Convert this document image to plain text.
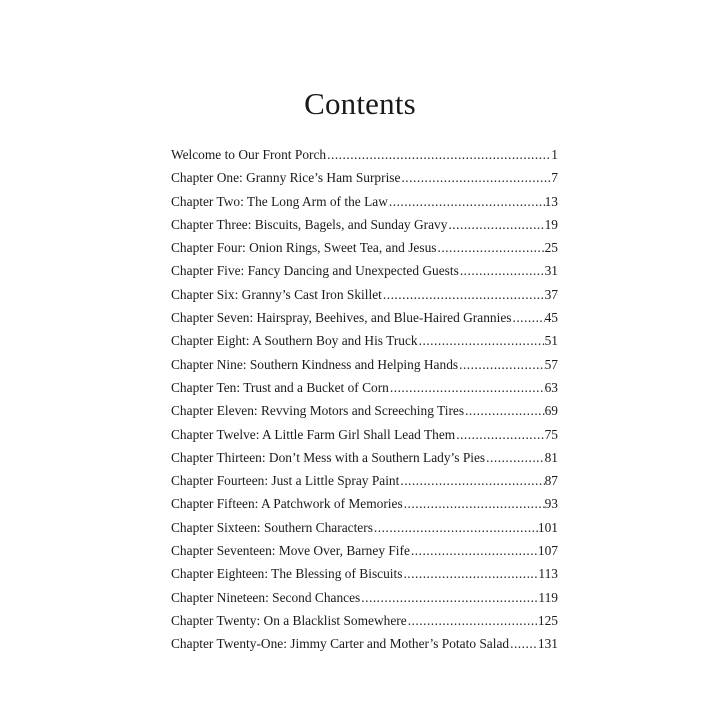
Contents
Welcome to Our Front Porch .....	1
Chapter One: Granny Rice’s Ham Surprise .....	7
Chapter Two: The Long Arm of the Law .....	13
Chapter Three: Biscuits, Bagels, and Sunday Gravy .....	19
Chapter Four: Onion Rings, Sweet Tea, and Jesus .....	25
Chapter Five: Fancy Dancing and Unexpected Guests .....	31
Chapter Six: Granny’s Cast Iron Skillet .....	37
Chapter Seven: Hairspray, Beehives, and Blue-Haired Grannies ..... 45
Chapter Eight: A Southern Boy and His Truck .....	51
Chapter Nine: Southern Kindness and Helping Hands .....	57
Chapter Ten: Trust and a Bucket of Corn .....	63
Chapter Eleven: Revving Motors and Screeching Tires .....	69
Chapter Twelve: A Little Farm Girl Shall Lead Them .....	75
Chapter Thirteen: Don’t Mess with a Southern Lady’s Pies .....	81
Chapter Fourteen: Just a Little Spray Paint .....	87
Chapter Fifteen: A Patchwork of Memories .....	93
Chapter Sixteen: Southern Characters .....	101
Chapter Seventeen: Move Over, Barney Fife .....	107
Chapter Eighteen: The Blessing of Biscuits .....	113
Chapter Nineteen: Second Chances .....	119
Chapter Twenty: On a Blacklist Somewhere .....	125
Chapter Twenty-One: Jimmy Carter and Mother’s Potato Salad ..... 131
